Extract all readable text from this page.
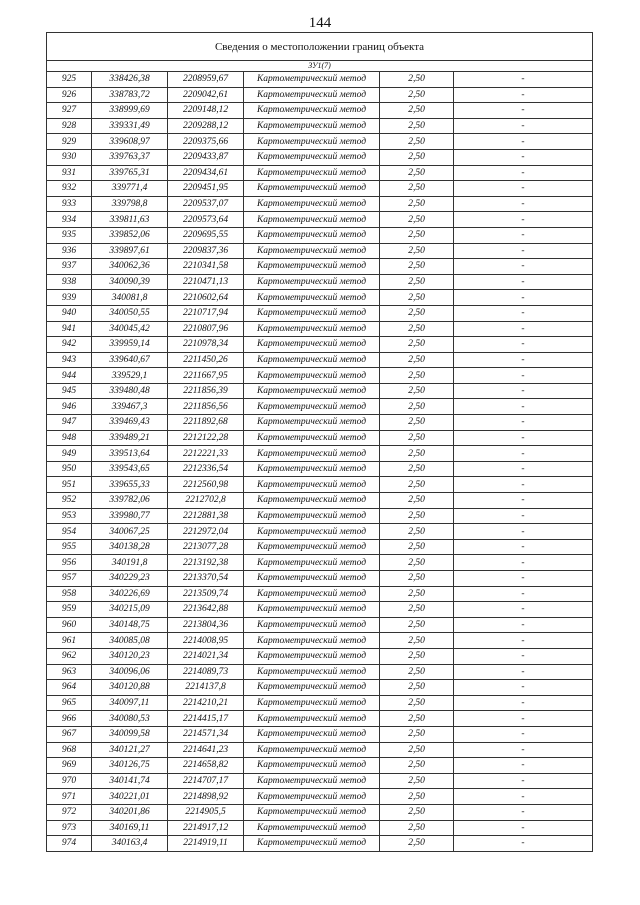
144
Сведения о местоположении границ объекта					
ЗУ1(7)					
925	338426,38	2208959,67	Картометрический метод	2,50	-
926	338783,72	2209042,61	Картометрический метод	2,50	-
927	338999,69	2209148,12	Картометрический метод	2,50	-
928	339331,49	2209288,12	Картометрический метод	2,50	-
929	339608,97	2209375,66	Картометрический метод	2,50	-
930	339763,37	2209433,87	Картометрический метод	2,50	-
931	339765,31	2209434,61	Картометрический метод	2,50	-
932	339771,4	2209451,95	Картометрический метод	2,50	-
933	339798,8	2209537,07	Картометрический метод	2,50	-
934	339811,63	2209573,64	Картометрический метод	2,50	-
935	339852,06	2209695,55	Картометрический метод	2,50	-
936	339897,61	2209837,36	Картометрический метод	2,50	-
937	340062,36	2210341,58	Картометрический метод	2,50	-
938	340090,39	2210471,13	Картометрический метод	2,50	-
939	340081,8	2210602,64	Картометрический метод	2,50	-
940	340050,55	2210717,94	Картометрический метод	2,50	-
941	340045,42	2210807,96	Картометрический метод	2,50	-
942	339959,14	2210978,34	Картометрический метод	2,50	-
943	339640,67	2211450,26	Картометрический метод	2,50	-
944	339529,1	2211667,95	Картометрический метод	2,50	-
945	339480,48	2211856,39	Картометрический метод	2,50	-
946	339467,3	2211856,56	Картометрический метод	2,50	-
947	339469,43	2211892,68	Картометрический метод	2,50	-
948	339489,21	2212122,28	Картометрический метод	2,50	-
949	339513,64	2212221,33	Картометрический метод	2,50	-
950	339543,65	2212336,54	Картометрический метод	2,50	-
951	339655,33	2212560,98	Картометрический метод	2,50	-
952	339782,06	2212702,8	Картометрический метод	2,50	-
953	339980,77	2212881,38	Картометрический метод	2,50	-
954	340067,25	2212972,04	Картометрический метод	2,50	-
955	340138,28	2213077,28	Картометрический метод	2,50	-
956	340191,8	2213192,38	Картометрический метод	2,50	-
957	340229,23	2213370,54	Картометрический метод	2,50	-
958	340226,69	2213509,74	Картометрический метод	2,50	-
959	340215,09	2213642,88	Картометрический метод	2,50	-
960	340148,75	2213804,36	Картометрический метод	2,50	-
961	340085,08	2214008,95	Картометрический метод	2,50	-
962	340120,23	2214021,34	Картометрический метод	2,50	-
963	340096,06	2214089,73	Картометрический метод	2,50	-
964	340120,88	2214137,8	Картометрический метод	2,50	-
965	340097,11	2214210,21	Картометрический метод	2,50	-
966	340080,53	2214415,17	Картометрический метод	2,50	-
967	340099,58	2214571,34	Картометрический метод	2,50	-
968	340121,27	2214641,23	Картометрический метод	2,50	-
969	340126,75	2214658,82	Картометрический метод	2,50	-
970	340141,74	2214707,17	Картометрический метод	2,50	-
971	340221,01	2214898,92	Картометрический метод	2,50	-
972	340201,86	2214905,5	Картометрический метод	2,50	-
973	340169,11	2214917,12	Картометрический метод	2,50	-
974	340163,4	2214919,11	Картометрический метод	2,50	-
